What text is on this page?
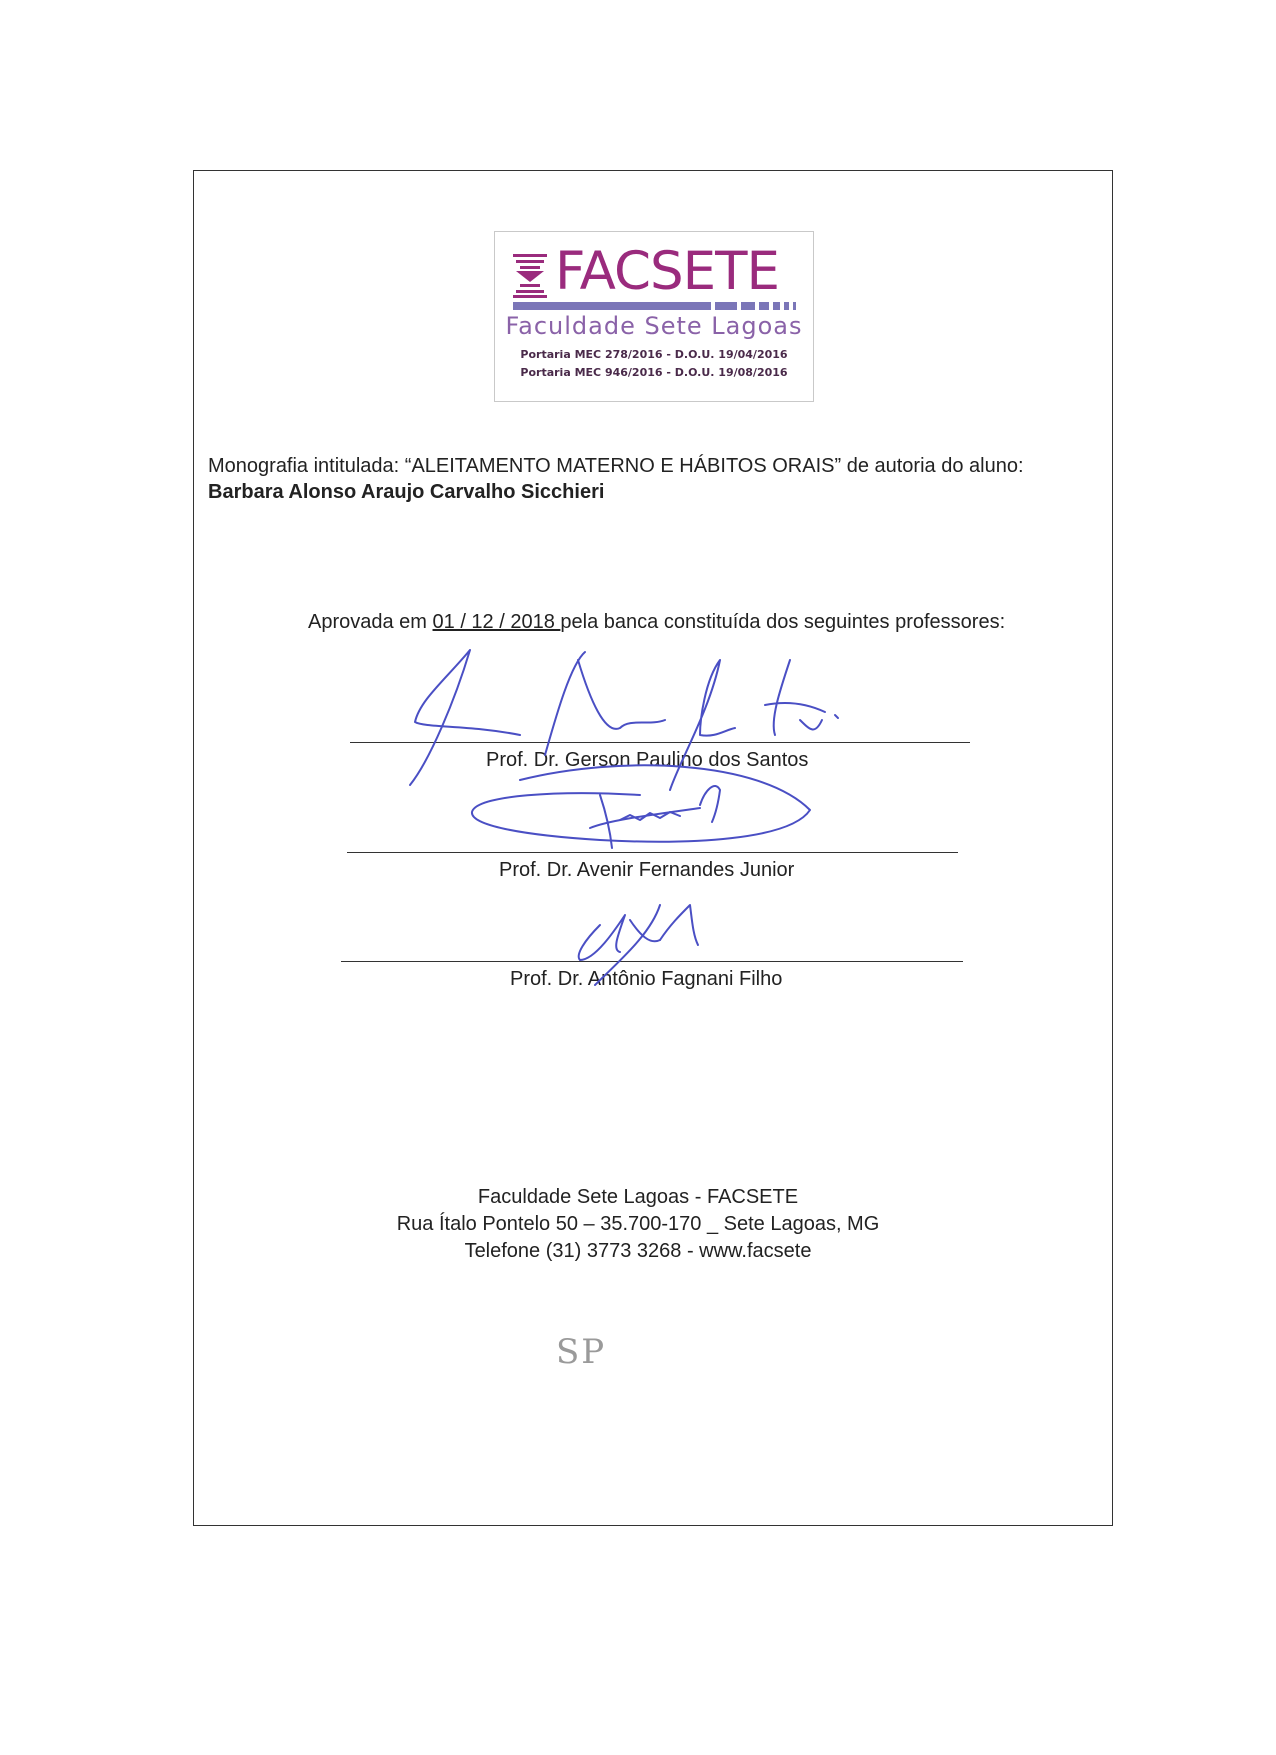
FACSETE
Faculdade Sete Lagoas
Portaria MEC 278/2016 - D.O.U. 19/04/2016
Portaria MEC 946/2016 - D.O.U. 19/08/2016
Monografia intitulada: “ALEITAMENTO MATERNO E HÁBITOS ORAIS” de autoria do aluno:
Barbara Alonso Araujo Carvalho Sicchieri
Aprovada em 01 / 12 / 2018 pela banca constituída dos seguintes professores:
Prof. Dr. Gerson Paulino dos Santos
Prof. Dr. Avenir Fernandes Junior
Prof. Dr. Antônio Fagnani Filho
Faculdade Sete Lagoas - FACSETE
Rua Ítalo Pontelo 50 – 35.700-170 _ Sete Lagoas, MG
Telefone (31) 3773 3268 - www.facsete
SP
